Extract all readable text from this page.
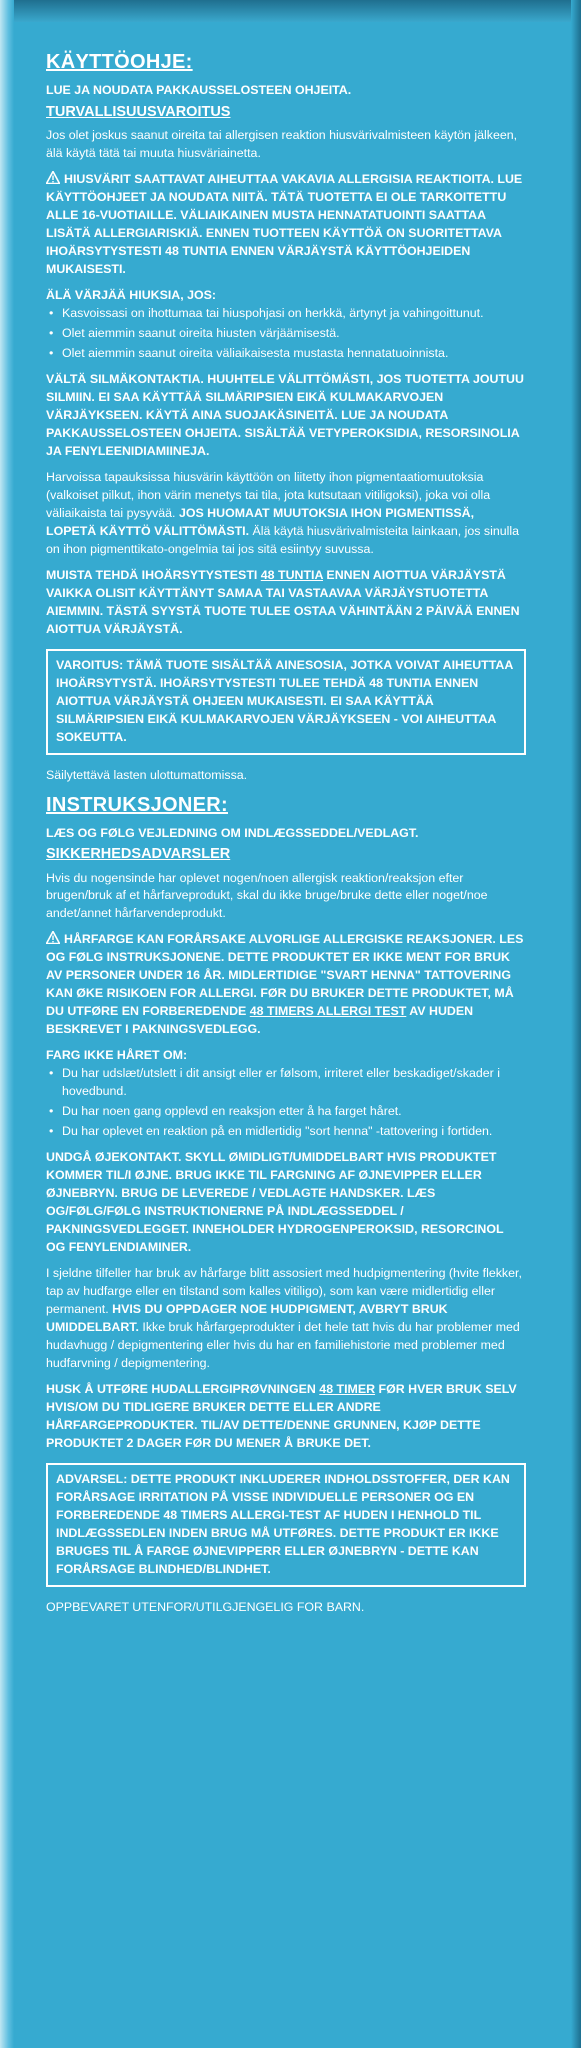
KÄYTTÖOHJE:

LUE JA NOUDATA PAKKAUSSELOSTEEN OHJEITA.

TURVALLISUUSVAROITUS

Jos olet joskus saanut oireita tai allergisen reaktion hiusvärivalmisteen käytön jälkeen, älä käytä tätä tai muuta hiusväriainetta.

HIUSVÄRIT SAATTAVAT AIHEUTTAA VAKAVIA ALLERGISIA REAKTIOITA. LUE KÄYTTÖOHJEET JA NOUDATA NIITÄ. TÄTÄ TUOTETTA EI OLE TARKOITETTU ALLE 16-VUOTIAILLE. VÄLIAIKAINEN MUSTA HENNATATUOINTI SAATTAA LISÄTÄ ALLERGIARISKIÄ. ENNEN TUOTTEEN KÄYTTÖÄ ON SUORITETTAVA IHOÄRSYTYSTESTI 48 TUNTIA ENNEN VÄRJÄYSTÄ KÄYTTÖOHJEIDEN MUKAISESTI.

ÄLÄ VÄRJÄÄ HIUKSIA, JOS:
• Kasvoissasi on ihottumaa tai hiuspohjasi on herkkä, ärtynyt ja vahingoittunut.
• Olet aiemmin saanut oireita hiusten värjäämisestä.
• Olet aiemmin saanut oireita väliaikaisesta mustasta hennatatuoinnista.

VÄLTÄ SILMÄKONTAKTIA. HUUHTELE VÄLITTÖMÄSTI, JOS TUOTETTA JOUTUU SILMIIN. EI SAA KÄYTTÄÄ SILMÄRIPSIEN EIKÄ KULMAKARVOJEN VÄRJÄYKSEEN. KÄYTÄ AINA SUOJAKÄSINEITÄ. LUE JA NOUDATA PAKKAUSSELOSTEEN OHJEITA. SISÄLTÄÄ VETYPEROKSIDIA, RESORSINOLIA JA FENYLEENIDIAMIINEJA.

Harvoissa tapauksissa hiusvärin käyttöön on liitetty ihon pigmentaatiomuutoksia (valkoiset pilkut, ihon värin menetys tai tila, jota kutsutaan vitiligoksi), joka voi olla väliaikaista tai pysyvää. JOS HUOMAAT MUUTOKSIA IHON PIGMENTISSÄ, LOPETÄ KÄYTTÖ VÄLITTÖMÄSTI. Älä käytä hiusvärivalmisteita lainkaan, jos sinulla on ihon pigmenttikato-ongelmia tai jos sitä esiintyy suvussa.

MUISTA TEHDÄ IHOÄRSYTYSTESTI 48 TUNTIA ENNEN AIOTTUA VÄRJÄYSTÄ VAIKKA OLISIT KÄYTTÄNYT SAMAA TAI VASTAAVAA VÄRJÄYSTUOTETTA AIEMMIN. TÄSTÄ SYYSTÄ TUOTE TULEE OSTAA VÄHINTÄÄN 2 PÄIVÄÄ ENNEN AIOTTUA VÄRJÄYSTÄ.

VAROITUS: TÄMÄ TUOTE SISÄLTÄÄ AINESOSIA, JOTKA VOIVAT AIHEUTTAA IHOÄRSYTYSTÄ. IHOÄRSYTYSTESTI TULEE TEHDÄ 48 TUNTIA ENNEN AIOTTUA VÄRJÄYSTÄ OHJEEN MUKAISESTI. EI SAA KÄYTTÄÄ SILMÄRIPSIEN EIKÄ KULMAKARVOJEN VÄRJÄYKSEEN - VOI AIHEUTTAA SOKEUTTA.

Säilytettävä lasten ulottumattomissa.

INSTRUKSJONER:

LÆS OG FØLG VEJLEDNING OM INDLÆGSSEDDEL/VEDLAGT.

SIKKERHEDSADVARSLER

Hvis du nogensinde har oplevet nogen/noen allergisk reaktion/reaksjon efter brugen/bruk af et hårfarveprodukt, skal du ikke bruge/bruke dette eller noget/noe andet/annet hårfarvendeprodukt.

HÅRFARGE KAN FORÅRSAKE ALVORLIGE ALLERGISKE REAKSJONER. LES OG FØLG INSTRUKSJONENE. DETTE PRODUKTET ER IKKE MENT FOR BRUK AV PERSONER UNDER 16 ÅR. MIDLERTIDIGE "SVART HENNA" TATTOVERING KAN ØKE RISIKOEN FOR ALLERGI. FØR DU BRUKER DETTE PRODUKTET, MÅ DU UTFØRE EN FORBEREDENDE 48 TIMERS ALLERGI TEST AV HUDEN BESKREVET I PAKNINGSVEDLEGG.

FARG IKKE HÅRET OM:
• Du har udslæt/utslett i dit ansigt eller er følsom, irriteret eller beskadiget/skader i hovedbund.
• Du har noen gang opplevd en reaksjon etter å ha farget håret.
• Du har oplevet en reaktion på en midlertidig "sort henna" -tattovering i fortiden.

UNDGÅ ØJEKONTAKT. SKYLL ØMIDLIGT/UMIDDELBART HVIS PRODUKTET KOMMER TIL/I ØJNE. BRUG IKKE TIL FARGNING AF ØJNEVIPPER ELLER ØJNEBRYN. BRUG DE LEVEREDE / VEDLAGTE HANDSKER. LÆS OG/FØLG/FØLG INSTRUKTIONERNE PÅ INDLÆGSSEDDEL / PAKNINGSVEDLEGGET. INNEHOLDER HYDROGENPEROKSID, RESORCINOL OG FENYLENDIAMINER.

I sjeldne tilfeller har bruk av hårfarge blitt assosiert med hudpigmentering (hvite flekker, tap av hudfarge eller en tilstand som kalles vitiligo), som kan være midlertidig eller permanent. HVIS DU OPPDAGER NOE HUDPIGMENT, AVBRYT BRUK UMIDDELBART. Ikke bruk hårfargeprodukter i det hele tatt hvis du har problemer med hudavhugg / depigmentering eller hvis du har en familiehistorie med problemer med hudfarvning / depigmentering.

HUSK Å UTFØRE HUDALLERGIPRØVNINGEN 48 TIMER FØR HVER BRUK SELV HVIS/OM DU TIDLIGERE BRUKER DETTE ELLER ANDRE HÅRFARGEPRODUKTER. TIL/AV DETTE/DENNE GRUNNEN, KJØP DETTE PRODUKTET 2 DAGER FØR DU MENER Å BRUKE DET.

ADVARSEL: DETTE PRODUKT INKLUDERER INDHOLDSSTOFFER, DER KAN FORÅRSAGE IRRITATION PÅ VISSE INDIVIDUELLE PERSONER OG EN FORBEREDENDE 48 TIMERS ALLERGI-TEST AF HUDEN I HENHOLD TIL INDLÆGSSEDLEN INDEN BRUG MÅ UTFØRES. DETTE PRODUKT ER IKKE BRUGES TIL Å FARGE ØJNEVIPPERR ELLER ØJNEBRYN - DETTE KAN FORÅRSAGE BLINDHED/BLINDHET.

OPPBEVARET UTENFOR/UTILGJENGELIG FOR BARN.
